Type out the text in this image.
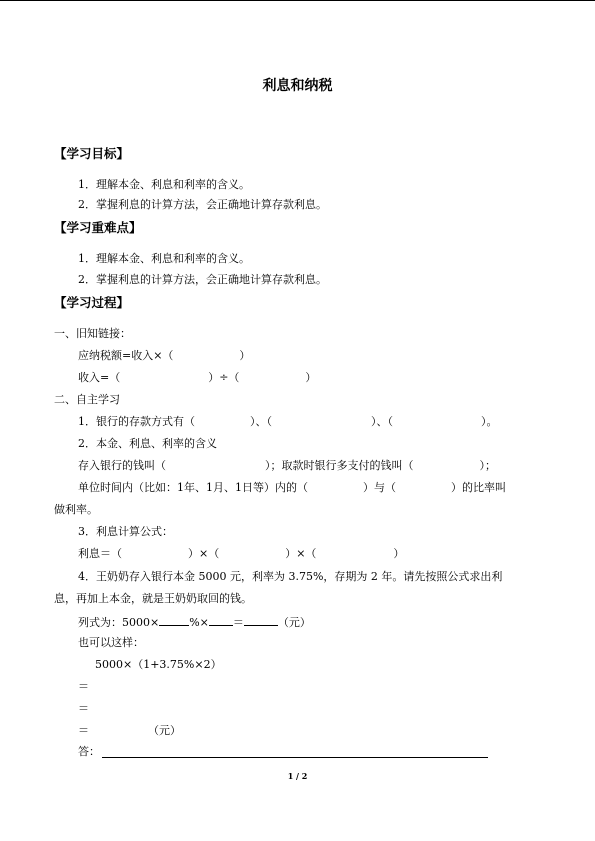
利息和纳税
【学习目标】
1．理解本金、利息和利率的含义。
2．掌握利息的计算方法，会正确地计算存款利息。
【学习重难点】
1．理解本金、利息和利率的含义。
2．掌握利息的计算方法，会正确地计算存款利息。
【学习过程】
一、旧知链接：
应纳税额=收入×（　　　　　　）
收入=（　　　　　　　　）÷（　　　　　　）
二、自主学习
1．银行的存款方式有（　　　　　）、（　　　　　　　　　）、（　　　　　　　　）。
2．本金、利息、利率的含义
存入银行的钱叫（　　　　　　　　　）；取款时银行多支付的钱叫（　　　　　　）；
单位时间内（比如：1年、1月、1日等）内的（　　　　　）与（　　　　　）的比率叫
做利率。
3．利息计算公式：
利息＝（　　　　　　）×（　　　　　　）×（　　　　　　　）
4．王奶奶存入银行本金 5000 元，利率为 3.75%，存期为 2 年。请先按照公式求出利
息，再加上本金，就是王奶奶取回的钱。
列式为：5000×	%× ＝	（元）
也可以这样：
5000×（1+3.75%×2）
＝
＝
＝	（元）
答：
1 / 2
